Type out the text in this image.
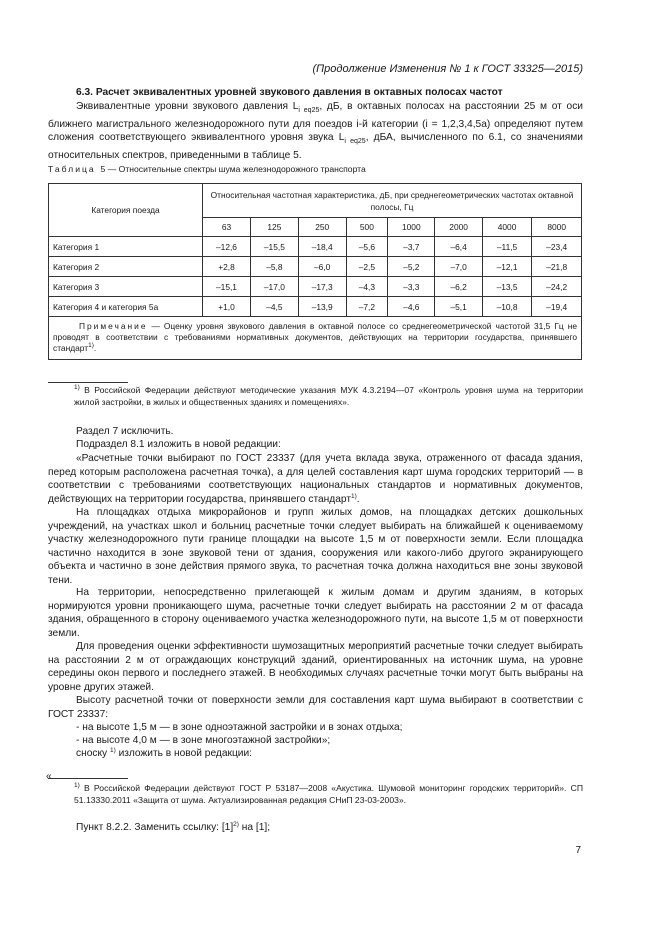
(Продолжение Изменения № 1 к ГОСТ 33325—2015)
6.3. Расчет эквивалентных уровней звукового давления в октавных полосах частот
Эквивалентные уровни звукового давления $L_{i eq25}$, дБ, в октавных полосах на расстоянии 25 м от оси ближнего магистрального железнодорожного пути для поездов i-й категории (i = 1,2,3,4,5а) определяют путем сложения соответствующего эквивалентного уровня звука $L_{i eq25}$, дБА, вычисленного по 6.1, со значениями относительных спектров, приведенными в таблице 5.
Таблица 5 — Относительные спектры шума железнодорожного транспорта
Категория поезда	Относительная частотная характеристика, дБ, при среднегеометрических частотах октавной полосы, Гц							
	63	125	250	500	1000	2000	4000	8000
Категория 1	–12,6	–15,5	–18,4	–5,6	–3,7	–6,4	–11,5	–23,4
Категория 2	+2,8	–5,8	–6,0	–2,5	–5,2	–7,0	–12,1	–21,8
Категория 3	–15,1	–17,0	–17,3	–4,3	–3,3	–6,2	–13,5	–24,2
Категория 4 и категория 5а	+1,0	–4,5	–13,9	–7,2	–4,6	–5,1	–10,8	–19,4
Примечание — Оценку уровня звукового давления в октавной полосе со среднегеометрической частотой 31,5 Гц не проводят в соответствии с требованиями нормативных документов, действующих на территории государства, принявшего стандарт$^{1)}$.								
$^{1)}$ В Российской Федерации действуют методические указания МУК 4.3.2194—07 «Контроль уровня шума на территории жилой застройки, в жилых и общественных зданиях и помещениях».
Раздел 7 исключить.
Подраздел 8.1 изложить в новой редакции:
«Расчетные точки выбирают по ГОСТ 23337 (для учета вклада звука, отраженного от фасада здания, перед которым расположена расчетная точка), а для целей составления карт шума городских территорий — в соответствии с требованиями соответствующих национальных стандартов и нормативных документов, действующих на территории государства, принявшего стандарт$^{1)}$.
На площадках отдыха микрорайонов и групп жилых домов, на площадках детских дошкольных учреждений, на участках школ и больниц расчетные точки следует выбирать на ближайшей к оцениваемому участку железнодорожного пути границе площадки на высоте 1,5 м от поверхности земли. Если площадка частично находится в зоне звуковой тени от здания, сооружения или какого-либо другого экранирующего объекта и частично в зоне действия прямого звука, то расчетная точка должна находиться вне зоны звуковой тени.
На территории, непосредственно прилегающей к жилым домам и другим зданиям, в которых нормируются уровни проникающего шума, расчетные точки следует выбирать на расстоянии 2 м от фасада здания, обращенного в сторону оцениваемого участка железнодорожного пути, на высоте 1,5 м от поверхности земли.
Для проведения оценки эффективности шумозащитных мероприятий расчетные точки следует выбирать на расстоянии 2 м от ограждающих конструкций зданий, ориентированных на источник шума, на уровне середины окон первого и последнего этажей. В необходимых случаях расчетные точки могут быть выбраны на уровне других этажей.
Высоту расчетной точки от поверхности земли для составления карт шума выбирают в соответствии с ГОСТ 23337:
- на высоте 1,5 м — в зоне одноэтажной застройки и в зонах отдыха;
- на высоте 4,0 м — в зоне многоэтажной застройки»;
сноску $^{1)}$ изложить в новой редакции:
«
$^{1)}$ В Российской Федерации действуют ГОСТ Р 53187—2008 «Акустика. Шумовой мониторинг городских территорий». СП 51.13330.2011 «Защита от шума. Актуализированная редакция СНиП 23-03-2003».
Пункт 8.2.2. Заменить ссылку: $[1]^{2)}$ на [1];
7
